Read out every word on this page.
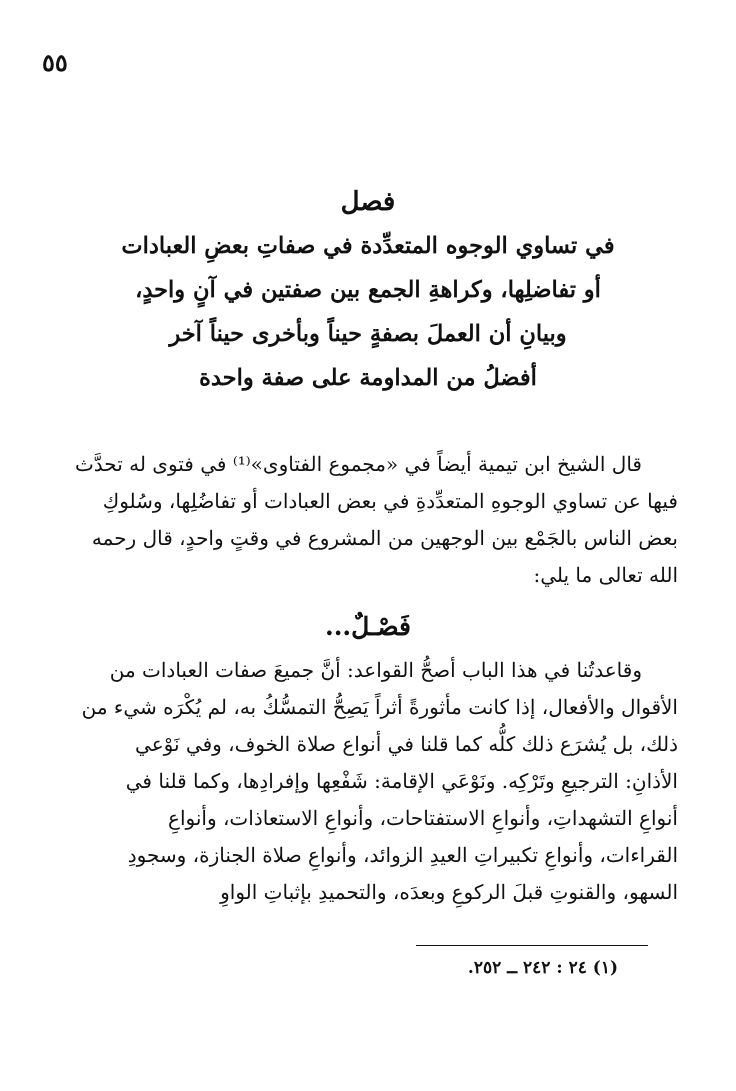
٥٥
فصل
في تساوي الوجوه المتعدِّدة في صفاتِ بعضِ العبادات
أو تفاضلِها، وكراهةِ الجمع بين صفتين في آنٍ واحدٍ،
وبيانِ أن العملَ بصفةٍ حيناً وبأخرى حيناً آخر
أفضلُ من المداومة على صفة واحدة
قال الشيخ ابن تيمية أيضاً في «مجموع الفتاوى»⁽¹⁾ في فتوى له تحدَّث
فيها عن تساوي الوجوهِ المتعدِّدةِ في بعض العبادات أو تفاضُلِها، وسُلوكِ
بعض الناس بالجَمْع بين الوجهين من المشروع في وقتٍ واحدٍ، قال رحمه
الله تعالى ما يلي:
فَصْـلٌ...
وقاعدتُنا في هذا الباب أصحُّ القواعد: أنَّ جميعَ صفات العبادات من
الأقوال والأفعال، إذا كانت مأثورةً أثراً يَصِحُّ التمسُّكُ به، لم يُكْرَه شيء من
ذلك، بل يُشرَع ذلك كلُّه كما قلنا في أنواع صلاة الخوف، وفي نَوْعي
الأذانِ: الترجيعِ وتَرْكِه. ونَوْعَي الإقامة: شَفْعِها وإفرادِها، وكما قلنا في
أنواعِ التشهداتِ، وأنواعِ الاستفتاحات، وأنواعِ الاستعاذات، وأنواعِ
القراءات، وأنواعِ تكبيراتِ العيدِ الزوائد، وأنواعِ صلاة الجنازة، وسجودِ
السهو، والقنوتِ قبلَ الركوعِ وبعدَه، والتحميدِ بإثباتِ الواوِ
(١) ٢٤ : ٢٤٢ ــ ٢٥٢.
